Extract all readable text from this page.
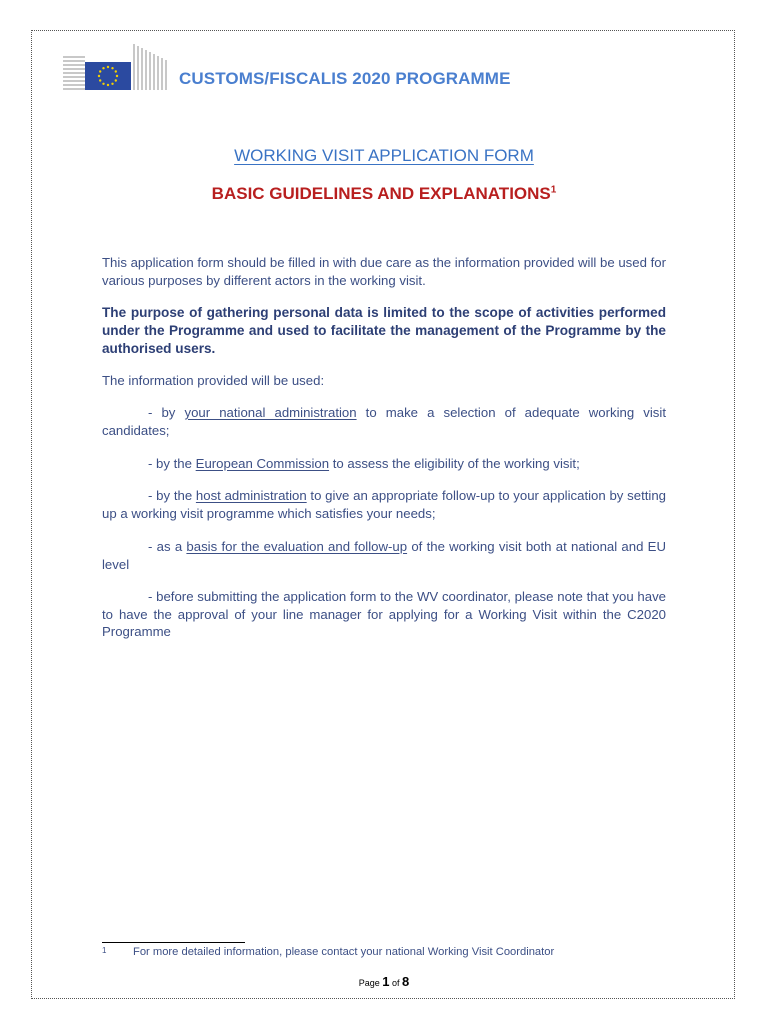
CUSTOMS/FISCALIS 2020 PROGRAMME
WORKING VISIT APPLICATION FORM
BASIC GUIDELINES AND EXPLANATIONS$^1$
This application form should be filled in with due care as the information provided will be used for various purposes by different actors in the working visit.
The purpose of gathering personal data is limited to the scope of activities performed under the Programme and used to facilitate the management of the Programme by the authorised users.
The information provided will be used:
- by your national administration to make a selection of adequate working visit candidates;
- by the European Commission to assess the eligibility of the working visit;
- by the host administration to give an appropriate follow-up to your application by setting up a working visit programme which satisfies your needs;
- as a basis for the evaluation and follow-up of the working visit both at national and EU level
- before submitting the application form to the WV coordinator, please note that you have to have the approval of your line manager for applying for a Working Visit within the C2020 Programme
1 For more detailed information, please contact your national Working Visit Coordinator
Page 1 of 8
